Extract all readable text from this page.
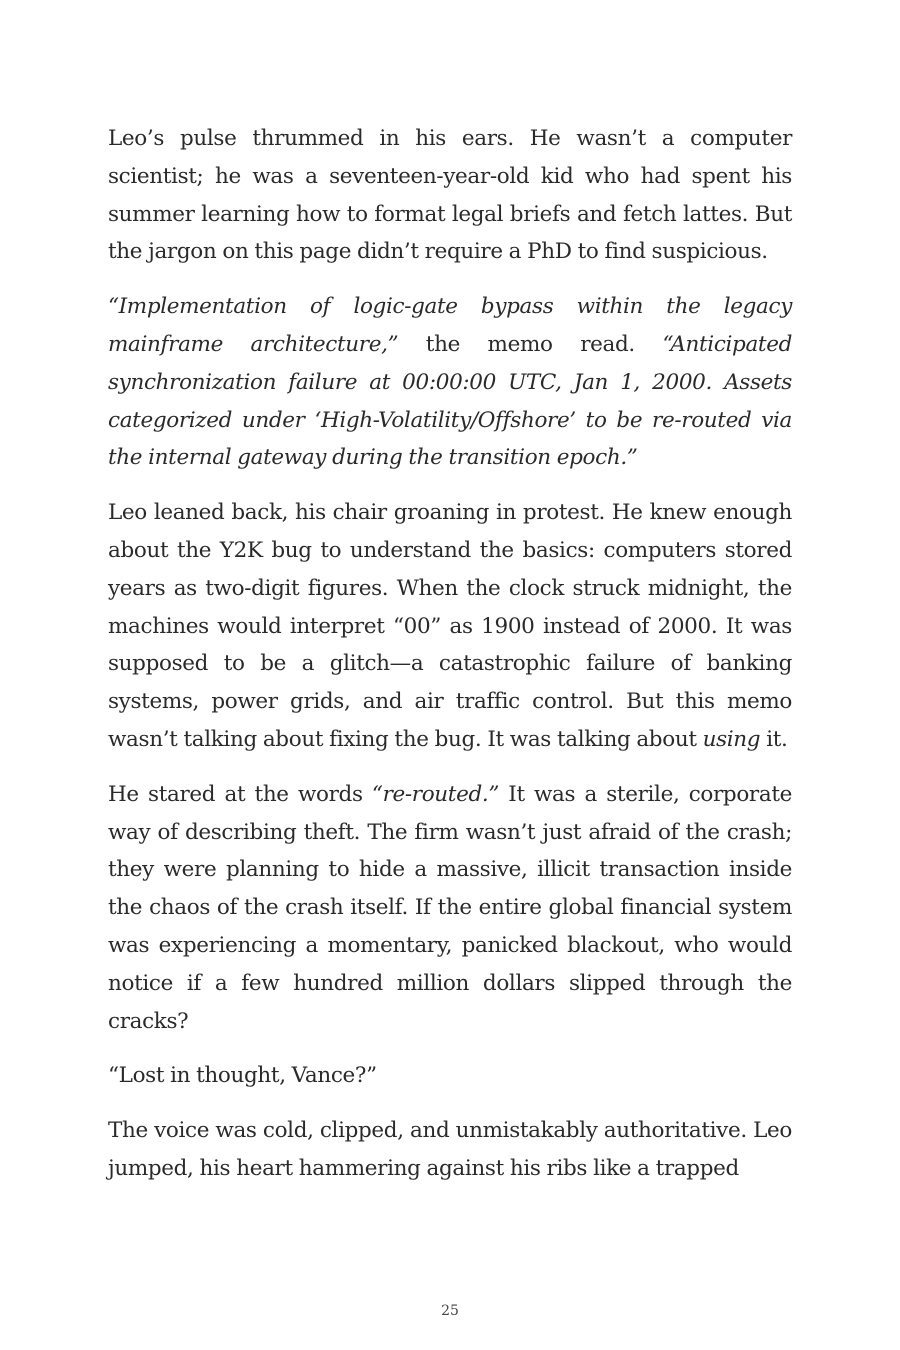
Leo’s pulse thrummed in his ears. He wasn’t a computer scientist; he was a seventeen-year-old kid who had spent his summer learning how to format legal briefs and fetch lattes. But the jargon on this page didn’t require a PhD to find suspicious.

“Implementation of logic-gate bypass within the legacy mainframe architecture,” the memo read. “Anticipated synchronization failure at 00:00:00 UTC, Jan 1, 2000. Assets categorized under ‘High-Volatility/Offshore’ to be re-routed via the internal gateway during the transition epoch.”

Leo leaned back, his chair groaning in protest. He knew enough about the Y2K bug to understand the basics: computers stored years as two-digit figures. When the clock struck midnight, the machines would interpret “00” as 1900 instead of 2000. It was supposed to be a glitch—a catastrophic failure of banking systems, power grids, and air traffic control. But this memo wasn’t talking about fixing the bug. It was talking about using it.

He stared at the words “re-routed.” It was a sterile, corporate way of describing theft. The firm wasn’t just afraid of the crash; they were planning to hide a massive, illicit transaction inside the chaos of the crash itself. If the entire global financial system was experiencing a momentary, panicked blackout, who would notice if a few hundred million dollars slipped through the cracks?

“Lost in thought, Vance?”

The voice was cold, clipped, and unmistakably authoritative. Leo jumped, his heart hammering against his ribs like a trapped

25
